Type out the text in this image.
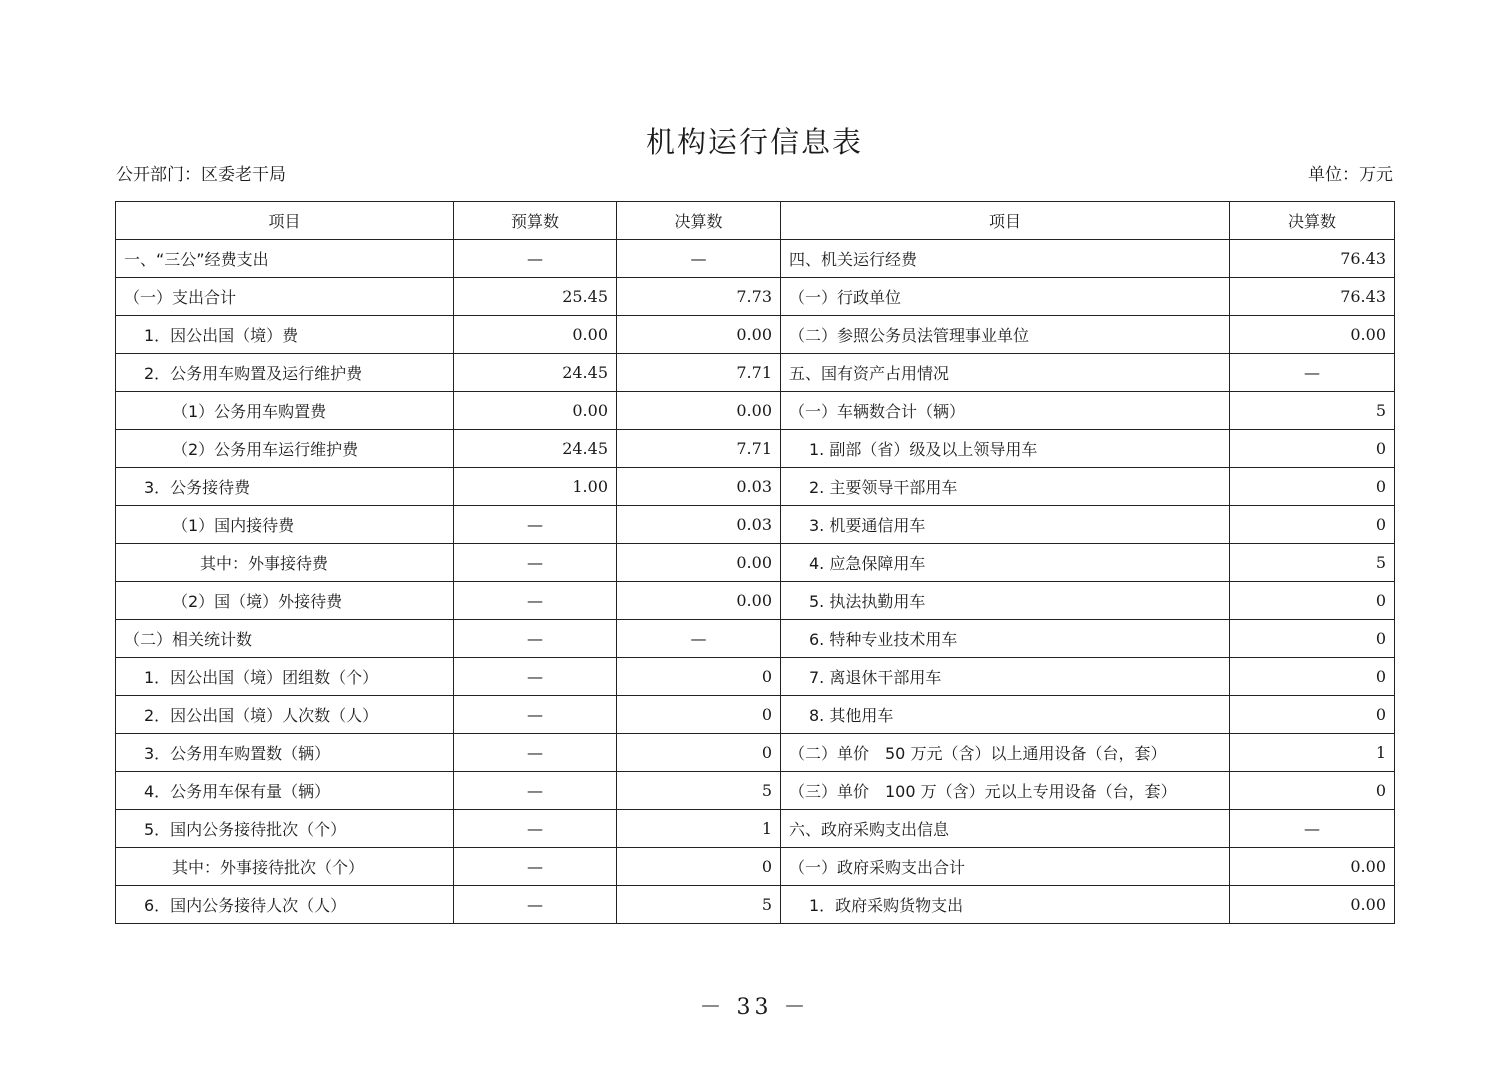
机构运行信息表
公开部门：区委老干局	单位：万元
项目	预算数	决算数	项目	决算数
一、“三公”经费支出	—	—	四、机关运行经费	76.43
（一）支出合计	25.45	7.73	（一）行政单位	76.43
1．因公出国（境）费	0.00	0.00	（二）参照公务员法管理事业单位	0.00
2．公务用车购置及运行维护费	24.45	7.71	五、国有资产占用情况	—
（1）公务用车购置费	0.00	0.00	（一）车辆数合计（辆）	5
（2）公务用车运行维护费	24.45	7.71	1. 副部（省）级及以上领导用车	0
3．公务接待费	1.00	0.03	2. 主要领导干部用车	0
（1）国内接待费	—	0.03	3. 机要通信用车	0
其中：外事接待费	—	0.00	4. 应急保障用车	5
（2）国（境）外接待费	—	0.00	5. 执法执勤用车	0
（二）相关统计数	—	—	6. 特种专业技术用车	0
1．因公出国（境）团组数（个）	—	0	7. 离退休干部用车	0
2．因公出国（境）人次数（人）	—	0	8. 其他用车	0
3．公务用车购置数（辆）	—	0	（二）单价　50 万元（含）以上通用设备（台，套）	1
4．公务用车保有量（辆）	—	5	（三）单价　100 万（含）元以上专用设备（台，套）	0
5．国内公务接待批次（个）	—	1	六、政府采购支出信息	—
其中：外事接待批次（个）	—	0	（一）政府采购支出合计	0.00
6．国内公务接待人次（人）	—	5	1．政府采购货物支出	0.00
－ 33 －
